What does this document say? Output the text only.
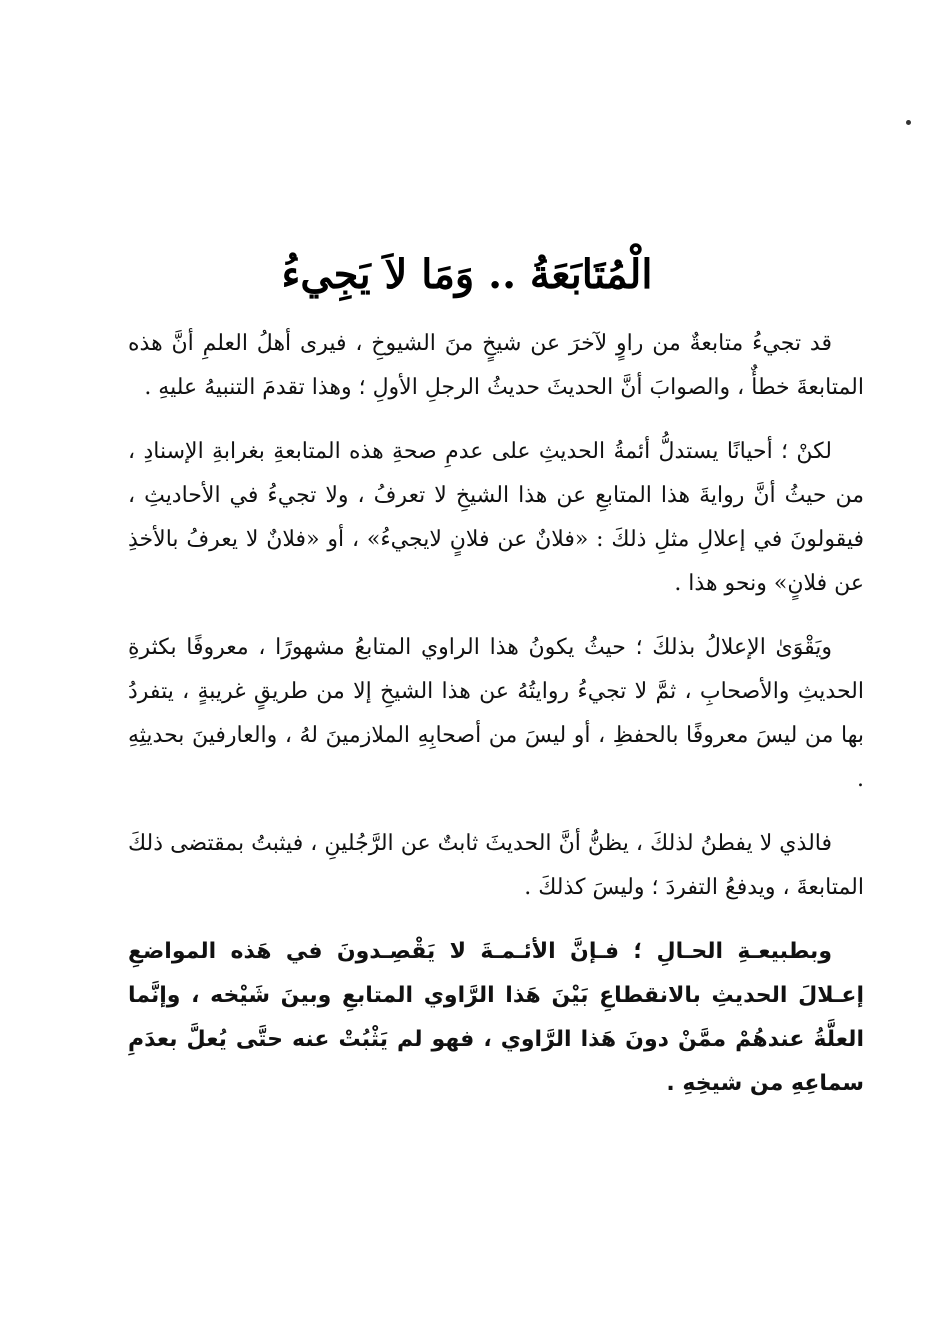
الْمُتَابَعَةُ .. وَمَا لاَ يَجِيءُ

قد تجيءُ متابعةٌ من راوٍ لآخرَ عن شيخٍ منَ الشيوخِ ، فيرى أهلُ العلمِ أنَّ هذه المتابعةَ خطأٌ ، والصوابَ أنَّ الحديثَ حديثُ الرجلِ الأولِ ؛ وهذا تقدمَ التنبيهُ عليهِ .

لكنْ ؛ أحيانًا يستدلُّ أئمةُ الحديثِ على عدمِ صحةِ هذه المتابعةِ بغرابةِ الإسنادِ ، من حيثُ أنَّ روايةَ هذا المتابعِ عن هذا الشيخِ لا تعرفُ ، ولا تجيءُ في الأحاديثِ ، فيقولونَ في إعلالِ مثلِ ذلكَ : «فلانٌ عن فلانٍ لايجيءُ» ، أو «فلانٌ لا يعرفُ بالأخذِ عن فلانٍ» ونحو هذا .

ويَقْوَىٰ الإعلالُ بذلكَ ؛ حيثُ يكونُ هذا الراوي المتابعُ مشهورًا ، معروفًا بكثرةِ الحديثِ والأصحابِ ، ثمَّ لا تجيءُ روايتُهُ عن هذا الشيخِ إلا من طريقٍ غريبةٍ ، يتفردُ بها من ليسَ معروفًا بالحفظِ ، أو ليسَ من أصحابِهِ الملازمينَ لهُ ، والعارفينَ بحديثِهِ .

فالذي لا يفطنُ لذلكَ ، يظنُّ أنَّ الحديثَ ثابتٌ عن الرَّجُلينِ ، فيثبتُ بمقتضى ذلكَ المتابعةَ ، ويدفعُ التفردَ ؛ وليسَ كذلكَ .

وبطبيعـةِ الحـالِ ؛ فـإنَّ الأئـمـةَ لا يَقْصِـدونَ في هَذه المواضعِ إعـلالَ الحديثِ بالانقطاعِ بَيْنَ هَذا الرَّاوي المتابعِ وبينَ شَيْخه ، وإنَّما العلَّةُ عندهُمْ ممَّنْ دونَ هَذا الرَّاوي ، فهو لم يَثْبُتْ عنه حتَّى يُعلَّ بعدَمِ سماعِهِ من شيخِهِ .
